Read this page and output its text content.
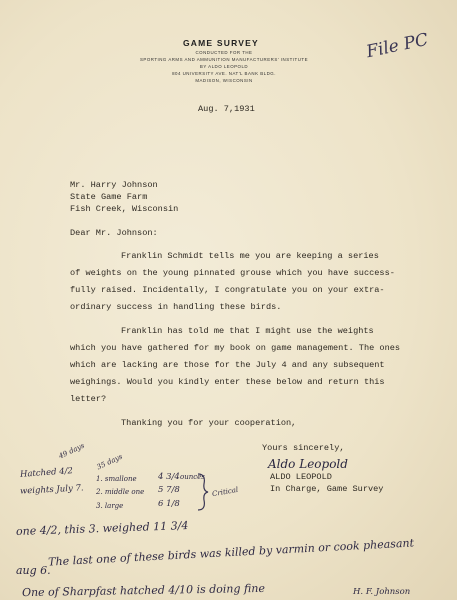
GAME SURVEY
CONDUCTED FOR THE
SPORTING ARMS AND AMMUNITION MANUFACTURERS' INSTITUTE
BY ALDO LEOPOLD
804 UNIVERSITY AVE. NAT'L BANK BLDG.
MADISON, WISCONSIN
File PC
Aug. 7,1931
Mr. Harry Johnson
State Game Farm
Fish Creek, Wisconsin
Dear Mr. Johnson:
Franklin Schmidt tells me you are keeping a series
of weights on the young pinnated grouse which you have success-
fully raised. Incidentally, I congratulate you on your extra-
ordinary success in handling these birds.
Franklin has told me that I might use the weights
which you have gathered for my book on game management. The ones
which are lacking are those for the July 4 and any subsequent
weighings. Would you kindly enter these below and return this
letter?
Thanking you for your cooperation,
Yours sincerely,
Aldo Leopold
ALDO LEOPOLD
In Charge, Game Survey
49 days
35 days
Hatched 4/2
weights July 7.
1. smallone	4 3/4 ounces
2. middle one 5 7/8
3. large	6 1/8
Critical
one 4/2, this 3. weighed 11 3/4
The last one of these birds was killed by varmin or cook pheasant
aug 6.
One of Sharpfast hatched 4/10 is doing fine	H. F. Johnson
